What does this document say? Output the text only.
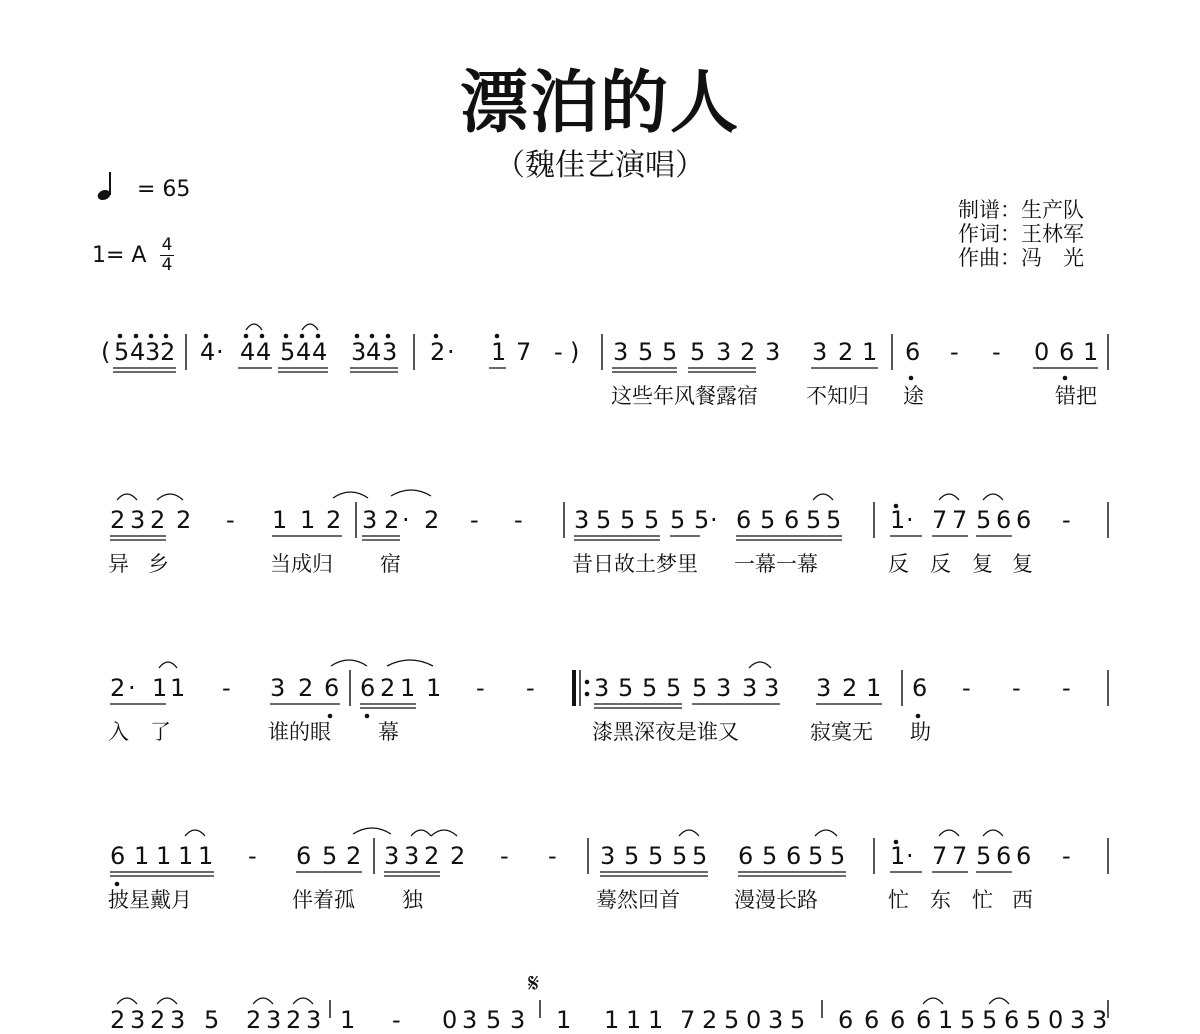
漂泊的人
（魏佳艺演唱）
= 65
1= A 4
4
制谱：生产队
作词：王林军
作曲：冯　光
𝄋
( 5 4 3 2 4 · 4 4 5 4 4 3 4 3 2 · 1 7 - ) 3 5 5 5 3 2 3 3 2 1 6 - - 0 6 1
这些年风餐露宿 不知归 途	错把
2 3 2 2 - 1 1 2 3 2 · 2 - - 3 5 5 5 5 5 · 6 5 6 5 5 1 · 7 7 5 6 6 -
异 乡	当成归 宿	昔日故土梦里 一幕一幕	反 反 复 复
2 · 1 1 - 3 2 6 6 2 1 1 - - 3 5 5 5 5 3 3 3 3 2 1 6 - - -
入 了	谁的眼 幕	漆黑深夜是谁又	寂寞无 助
6 1 1 1 1 - 6 5 2 3 3 2 2 - - 3 5 5 5 5 6 5 6 5 5 1 · 7 7 5 6 6 -
披星戴月	伴着孤 独	蓦然回首	漫漫长路	忙 东 忙 西
2 3 2 3 5 2 3 2 3 1 - 0 3 5 3 1 1 1 1 7 2 5 0 3 5 6 6 6 6 1 5 5 6 5 0 3 3
